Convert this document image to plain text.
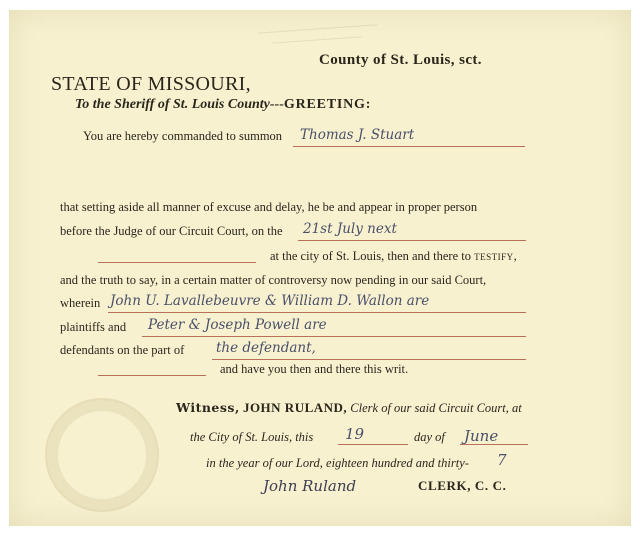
County of St. Louis, sct.
STATE OF MISSOURI,
To the Sheriff of St. Louis County---GREETING:
You are hereby commanded to summon Thomas J. Stuart
that setting aside all manner of excuse and delay, he be and appear in proper person
before the Judge of our Circuit Court, on the 21st July next
at the city of St. Louis, then and there to testify,
and the truth to say, in a certain matter of controversy now pending in our said Court,
wherein John U. Lavallebeuvre & William D. Wallon are
plaintiffs and Peter & Joseph Powell are
defendants on the part of the defendant,
and have you then and there this writ.
Witness, JOHN RULAND, Clerk of our said Circuit Court, at
the City of St. Louis, this 19	day of June
in the year of our Lord, eighteen hundred and thirty- 7
John Ruland	CLERK, C. C.
